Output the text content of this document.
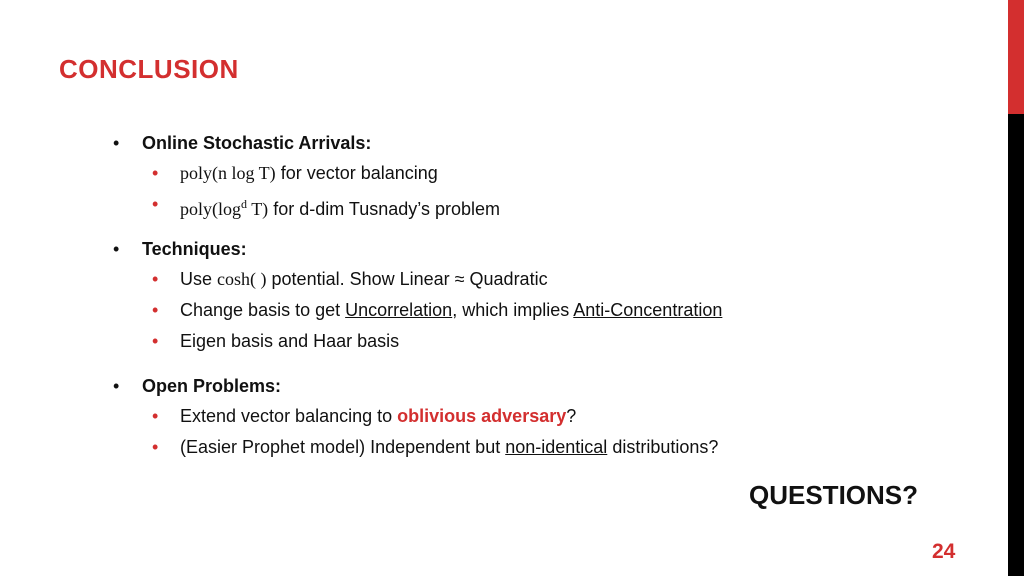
CONCLUSION
• Online Stochastic Arrivals:
• poly(n log T) for vector balancing
• $poly(\log^d$ T) for d-dim Tusnady’s problem
• Techniques:
• Use cosh( ) potential. Show Linear ≈ Quadratic
• Change basis to get Uncorrelation, which implies Anti-Concentration
• Eigen basis and Haar basis
• Open Problems:
• Extend vector balancing to oblivious adversary?
• (Easier Prophet model) Independent but non-identical distributions?
QUESTIONS?
24
